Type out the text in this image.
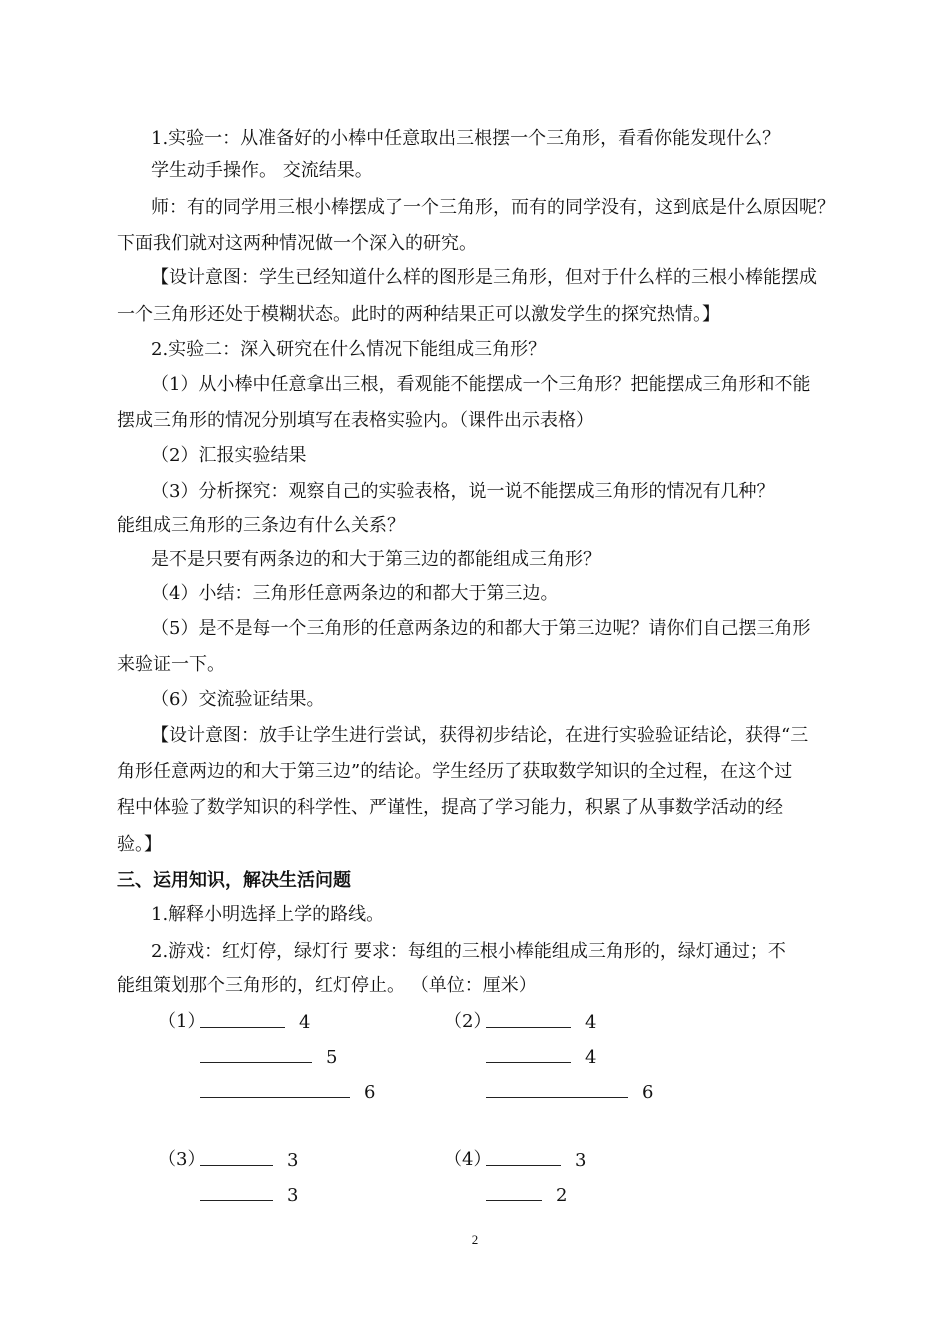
1.实验一：从准备好的小棒中任意取出三根摆一个三角形，看看你能发现什么？
学生动手操作。 交流结果。
师：有的同学用三根小棒摆成了一个三角形，而有的同学没有，这到底是什么原因呢？
下面我们就对这两种情况做一个深入的研究。
【设计意图：学生已经知道什么样的图形是三角形，但对于什么样的三根小棒能摆成
一个三角形还处于模糊状态。此时的两种结果正可以激发学生的探究热情。】
2.实验二：深入研究在什么情况下能组成三角形？
（1）从小棒中任意拿出三根，看观能不能摆成一个三角形？把能摆成三角形和不能
摆成三角形的情况分别填写在表格实验内。（课件出示表格）
（2）汇报实验结果
（3）分析探究：观察自己的实验表格，说一说不能摆成三角形的情况有几种？
能组成三角形的三条边有什么关系？
是不是只要有两条边的和大于第三边的都能组成三角形？
（4）小结：三角形任意两条边的和都大于第三边。
（5）是不是每一个三角形的任意两条边的和都大于第三边呢？请你们自己摆三角形
来验证一下。
（6）交流验证结果。
【设计意图：放手让学生进行尝试，获得初步结论，在进行实验验证结论，获得“三
角形任意两边的和大于第三边”的结论。学生经历了获取数学知识的全过程，在这个过
程中体验了数学知识的科学性、严谨性，提高了学习能力，积累了从事数学活动的经
验。】
三、运用知识，解决生活问题
1.解释小明选择上学的路线。
2.游戏：红灯停，绿灯行 要求：每组的三根小棒能组成三角形的，绿灯通过；不
能组策划那个三角形的，红灯停止。 （单位：厘米）
（1）	4
5
6
（2）	4
4
6
（3）	3
3
（4）	3
2
2
